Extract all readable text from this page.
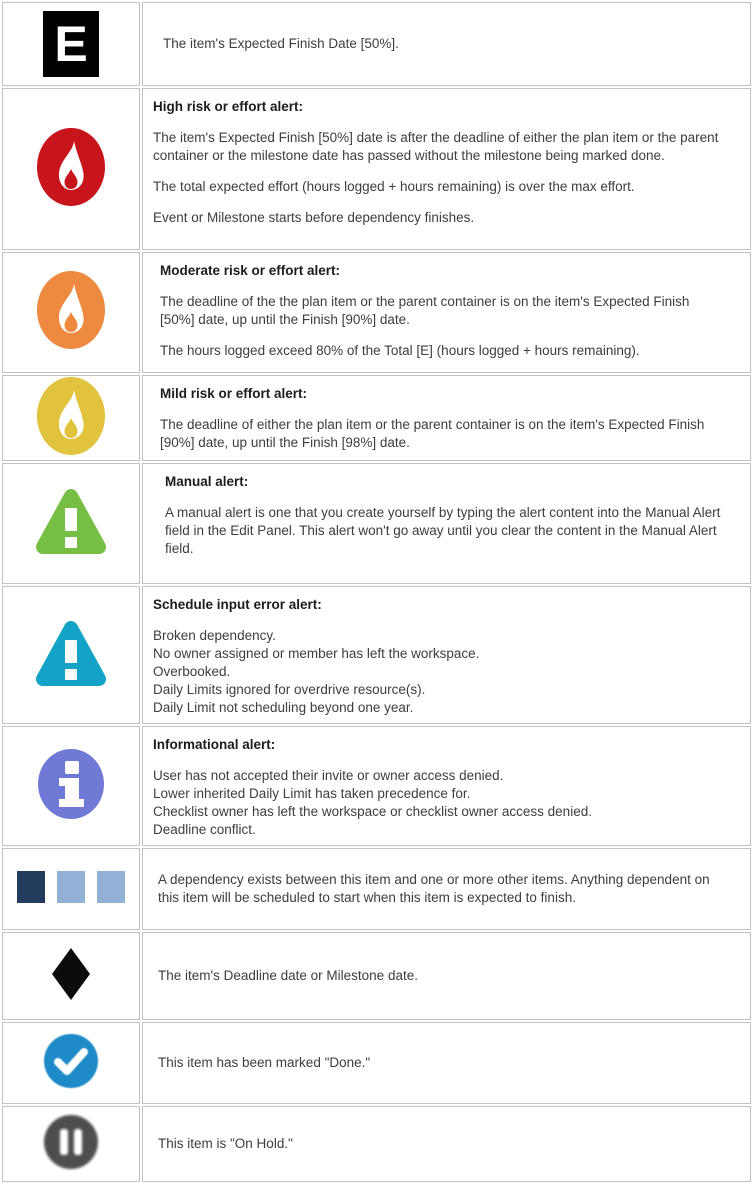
E	The item's Expected Finish Date [50%].

High risk or effort alert:

The item's Expected Finish [50%] date is after the deadline of either the plan item or the parent container or the milestone date has passed without the milestone being marked done.

The total expected effort (hours logged + hours remaining) is over the max effort.

Event or Milestone starts before dependency finishes.

Moderate risk or effort alert:

The deadline of the the plan item or the parent container is on the item's Expected Finish [50%] date, up until the Finish [90%] date.

The hours logged exceed 80% of the Total [E] (hours logged + hours remaining).

Mild risk or effort alert:

The deadline of either the plan item or the parent container is on the item's Expected Finish [90%] date, up until the Finish [98%] date.

Manual alert:

A manual alert is one that you create yourself by typing the alert content into the Manual Alert field in the Edit Panel. This alert won't go away until you clear the content in the Manual Alert field.

Schedule input error alert:

Broken dependency.
No owner assigned or member has left the workspace.
Overbooked.
Daily Limits ignored for overdrive resource(s).
Daily Limit not scheduling beyond one year.

Informational alert:

User has not accepted their invite or owner access denied.
Lower inherited Daily Limit has taken precedence for.
Checklist owner has left the workspace or checklist owner access denied.
Deadline conflict.

A dependency exists between this item and one or more other items. Anything dependent on this item will be scheduled to start when this item is expected to finish.

The item's Deadline date or Milestone date.

This item has been marked "Done."

This item is "On Hold."
